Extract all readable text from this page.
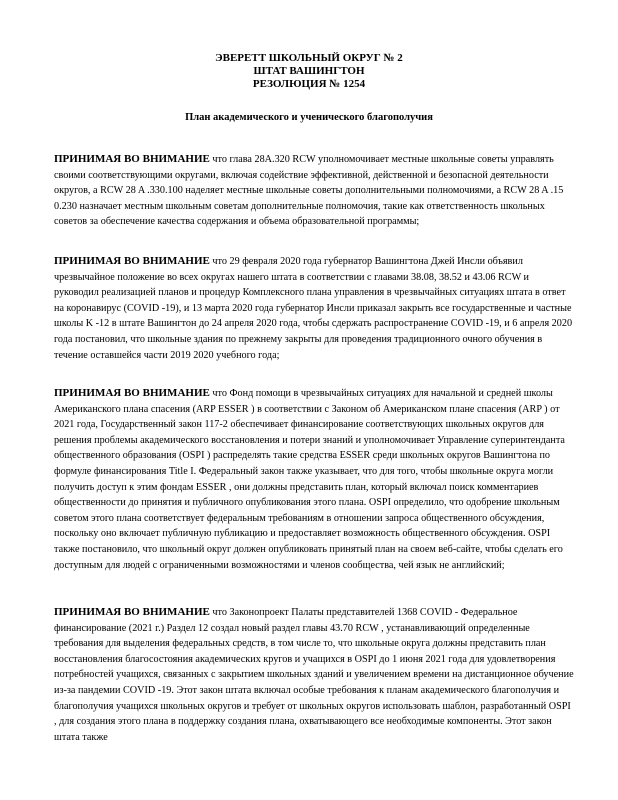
ЭВЕРЕТТ ШКОЛЬНЫЙ ОКРУГ № 2
ШТАТ ВАШИНГТОН
РЕЗОЛЮЦИЯ № 1254
План академического и ученического благополучия
ПРИНИМАЯ ВО ВНИМАНИЕ что глава 28А.320 RCW уполномочивает местные школьные советы управлять своими соответствующими округами, включая содействие эффективной, действенной и безопасной деятельности округов, а RCW 28 A .330.100 наделяет местные школьные советы дополнительными полномочиями, а RCW 28 A .15 0.230 назначает местным школьным советам дополнительные полномочия, такие как ответственность школьных советов за обеспечение качества содержания и объема образовательной программы;
ПРИНИМАЯ ВО ВНИМАНИЕ что 29 февраля 2020 года губернатор Вашингтона Джей Инсли объявил чрезвычайное положение во всех округах нашего штата в соответствии с главами 38.08, 38.52 и 43.06 RCW и руководил реализацией планов и процедур Комплексного плана управления в чрезвычайных ситуациях штата в ответ на коронавирус (COVID -19), и 13 марта 2020 года губернатор Инсли приказал закрыть все государственные и частные школы K -12 в штате Вашингтон до 24 апреля 2020 года, чтобы сдержать распространение COVID -19, и 6 апреля 2020 года постановил, что школьные здания по прежнему закрыты для проведения традиционного очного обучения в течение оставшейся части 2019 2020 учебного года;
ПРИНИМАЯ ВО ВНИМАНИЕ что Фонд помощи в чрезвычайных ситуациях для начальной и средней школы Американского плана спасения (ARP ESSER ) в соответствии с Законом об Американском плане спасения (ARP ) от 2021 года, Государственный закон 117-2 обеспечивает финансирование соответствующих школьных округов для решения проблемы академического восстановления и потери знаний и уполномочивает Управление суперинтенданта общественного образования (OSPI ) распределять такие средства ESSER среди школьных округов Вашингтона по формуле финансирования Title I. Федеральный закон также указывает, что для того, чтобы школьные округа могли получить доступ к этим фондам ESSER , они должны представить план, который включал поиск комментариев общественности до принятия и публичного опубликования этого плана. OSPI определило, что одобрение школьным советом этого плана соответствует федеральным требованиям в отношении запроса общественного обсуждения, поскольку оно включает публичную публикацию и предоставляет возможность общественного обсуждения. OSPI также постановило, что школьный округ должен опубликовать принятый план на своем веб-сайте, чтобы сделать его доступным для людей с ограниченными возможностями и членов сообщества, чей язык не английский;
ПРИНИМАЯ ВО ВНИМАНИЕ что Законопроект Палаты представителей 1368 COVID - Федеральное финансирование (2021 г.) Раздел 12 создал новый раздел главы 43.70 RCW , устанавливающий определенные требования для выделения федеральных средств, в том числе то, что школьные округа должны представить план восстановления благосостояния академических кругов и учащихся в OSPI до 1 июня 2021 года для удовлетворения потребностей учащихся, связанных с закрытием школьных зданий и увеличением времени на дистанционное обучение из-за пандемии COVID -19. Этот закон штата включал особые требования к планам академического благополучия и благополучия учащихся школьных округов и требует от школьных округов использовать шаблон, разработанный OSPI , для создания этого плана в поддержку создания плана, охватывающего все необходимые компоненты. Этот закон штата также
